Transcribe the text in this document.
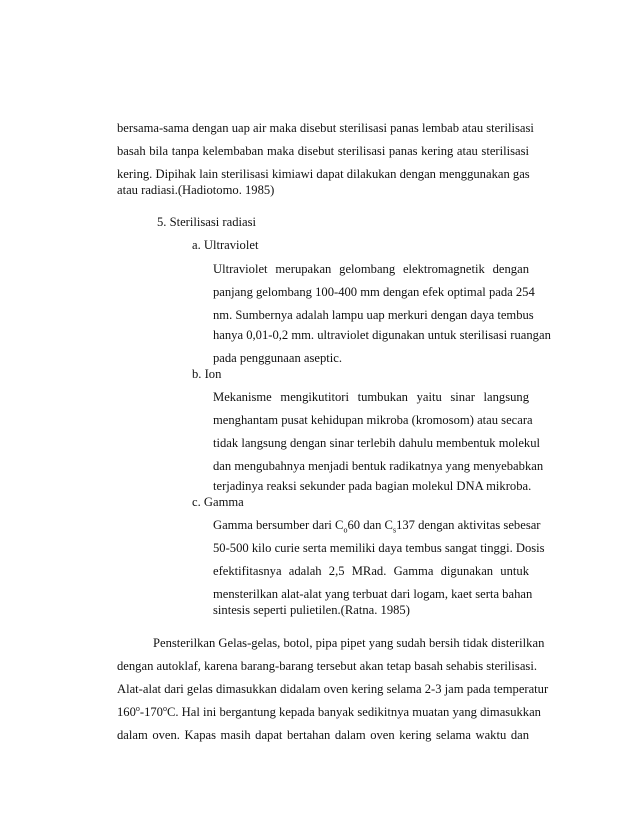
bersama-sama dengan uap air maka disebut sterilisasi panas lembab atau sterilisasi
basah bila tanpa kelembaban maka disebut sterilisasi panas kering atau sterilisasi
kering. Dipihak lain sterilisasi kimiawi dapat dilakukan dengan menggunakan gas
atau radiasi.(Hadiotomo. 1985)
5. Sterilisasi radiasi
a. Ultraviolet
Ultraviolet merupakan gelombang elektromagnetik dengan
panjang gelombang 100-400 mm dengan efek optimal pada 254
nm. Sumbernya adalah lampu uap merkuri dengan daya tembus
hanya 0,01-0,2 mm. ultraviolet digunakan untuk sterilisasi ruangan
pada penggunaan aseptic.
b. Ion
Mekanisme mengikutitori tumbukan yaitu sinar langsung
menghantam pusat kehidupan mikroba (kromosom) atau secara
tidak langsung dengan sinar terlebih dahulu membentuk molekul
dan mengubahnya menjadi bentuk radikatnya yang menyebabkan
terjadinya reaksi sekunder pada bagian molekul DNA mikroba.
c. Gamma
Gamma bersumber dari $C_o60$ dan $C_s137$ dengan aktivitas sebesar
50-500 kilo curie serta memiliki daya tembus sangat tinggi. Dosis
efektifitasnya adalah 2,5 MRad. Gamma digunakan untuk
mensterilkan alat-alat yang terbuat dari logam, kaet serta bahan
sintesis seperti pulietilen.(Ratna. 1985)
Pensterilkan Gelas-gelas, botol, pipa pipet yang sudah bersih tidak disterilkan
dengan autoklaf, karena barang-barang tersebut akan tetap basah sehabis sterilisasi.
Alat-alat dari gelas dimasukkan didalam oven kering selama 2-3 jam pada temperatur
160$^o$-170$^o$C. Hal ini bergantung kepada banyak sedikitnya muatan yang dimasukkan
dalam oven. Kapas masih dapat bertahan dalam oven kering selama waktu dan
